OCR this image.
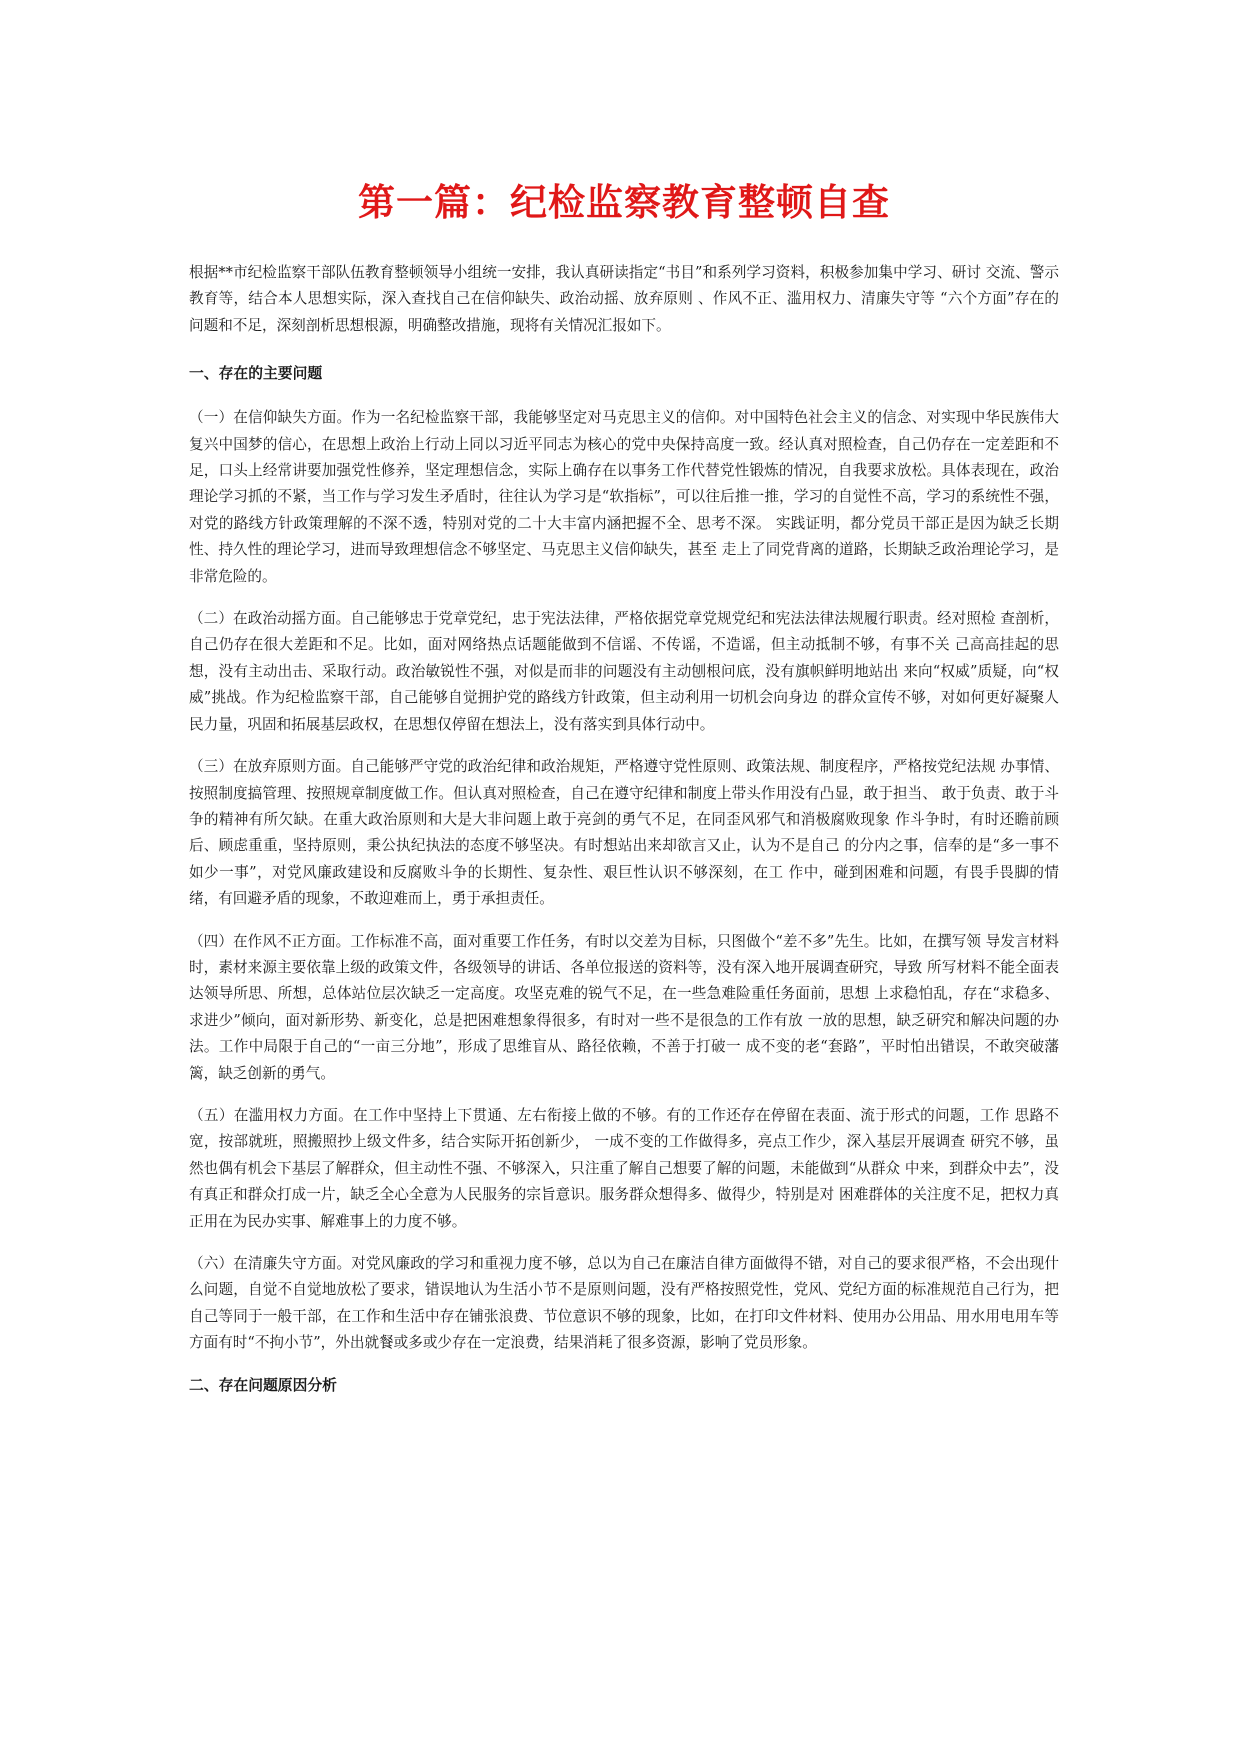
第一篇：纪检监察教育整顿自查

根据**市纪检监察干部队伍教育整顿领导小组统一安排，我认真研读指定“书目”和系列学习资料，积极参加集中学习、研讨 交流、警示教育等，结合本人思想实际，深入查找自己在信仰缺失、政治动摇、放弃原则 、作风不正、滥用权力、清廉失守等 “六个方面”存在的问题和不足，深刻剖析思想根源，明确整改措施，现将有关情况汇报如下。

一、存在的主要问题

（一）在信仰缺失方面。作为一名纪检监察干部，我能够坚定对马克思主义的信仰。对中国特色社会主义的信念、对实现中华民族伟大复兴中国梦的信心，在思想上政治上行动上同以习近平同志为核心的党中央保持高度一致。经认真对照检查，自己仍存在一定差距和不足，口头上经常讲要加强党性修养，坚定理想信念，实际上确存在以事务工作代替党性锻炼的情况，自我要求放松。具体表现在，政治理论学习抓的不紧，当工作与学习发生矛盾时，往往认为学习是“软指标”，可以往后推一推，学习的自觉性不高，学习的系统性不强，对党的路线方针政策理解的不深不透，特别对党的二十大丰富内涵把握不全、思考不深。 实践证明，都分党员干部正是因为缺乏长期性、持久性的理论学习，进而导致理想信念不够坚定、马克思主义信仰缺失，甚至 走上了同党背离的道路，长期缺乏政治理论学习，是非常危险的。

（二）在政治动摇方面。自己能够忠于党章党纪，忠于宪法法律，严格依据党章党规党纪和宪法法律法规履行职责。经对照检 查剖析，自己仍存在很大差距和不足。比如，面对网络热点话题能做到不信谣、不传谣，不造谣，但主动抵制不够，有事不关 己高高挂起的思想，没有主动出击、采取行动。政治敏锐性不强，对似是而非的问题没有主动刨根问底，没有旗帜鲜明地站出 来向“权威”质疑，向“权威”挑战。作为纪检监察干部，自己能够自觉拥护党的路线方针政策，但主动利用一切机会向身边 的群众宣传不够，对如何更好凝聚人民力量，巩固和拓展基层政权，在思想仅停留在想法上，没有落实到具体行动中。

（三）在放弃原则方面。自己能够严守党的政治纪律和政治规矩，严格遵守党性原则、政策法规、制度程序，严格按党纪法规 办事情、按照制度搞管理、按照规章制度做工作。但认真对照检查，自己在遵守纪律和制度上带头作用没有凸显，敢于担当、 敢于负责、敢于斗争的精神有所欠缺。在重大政治原则和大是大非问题上敢于亮剑的勇气不足，在同歪风邪气和消极腐败现象 作斗争时，有时还瞻前顾后、顾虑重重，坚持原则，秉公执纪执法的态度不够坚决。有时想站出来却欲言又止，认为不是自己 的分内之事，信奉的是“多一事不如少一事”，对党风廉政建设和反腐败斗争的长期性、复杂性、艰巨性认识不够深刻，在工 作中，碰到困难和问题，有畏手畏脚的情绪，有回避矛盾的现象，不敢迎难而上，勇于承担责任。

（四）在作风不正方面。工作标准不高，面对重要工作任务，有时以交差为目标，只图做个“差不多”先生。比如，在撰写领 导发言材料时，素材来源主要依靠上级的政策文件，各级领导的讲话、各单位报送的资料等，没有深入地开展调查研究，导致 所写材料不能全面表达领导所思、所想，总体站位层次缺乏一定高度。攻坚克难的锐气不足，在一些急难险重任务面前，思想 上求稳怕乱，存在“求稳多、求进少”倾向，面对新形势、新变化，总是把困难想象得很多，有时对一些不是很急的工作有放 一放的思想，缺乏研究和解决问题的办法。工作中局限于自己的“一亩三分地”，形成了思维盲从、路径依赖，不善于打破一 成不变的老“套路”，平时怕出错误，不敢突破藩篱，缺乏创新的勇气。

（五）在滥用权力方面。在工作中坚持上下贯通、左右衔接上做的不够。有的工作还存在停留在表面、流于形式的问题，工作 思路不宽，按部就班，照搬照抄上级文件多，结合实际开拓创新少， 一成不变的工作做得多，亮点工作少，深入基层开展调查 研究不够，虽然也偶有机会下基层了解群众，但主动性不强、不够深入，只注重了解自己想要了解的问题，未能做到“从群众 中来，到群众中去”，没有真正和群众打成一片，缺乏全心全意为人民服务的宗旨意识。服务群众想得多、做得少，特别是对 困难群体的关注度不足，把权力真正用在为民办实事、解难事上的力度不够。

（六）在清廉失守方面。对党风廉政的学习和重视力度不够，总以为自己在廉洁自律方面做得不错，对自己的要求很严格，不会出现什么问题，自觉不自觉地放松了要求，错误地认为生活小节不是原则问题，没有严格按照党性，党风、党纪方面的标准规范自己行为，把自己等同于一般干部，在工作和生活中存在铺张浪费、节位意识不够的现象，比如，在打印文件材料、使用办公用品、用水用电用车等方面有时“不拘小节”，外出就餐或多或少存在一定浪费，结果消耗了很多资源，影响了党员形象。

二、存在问题原因分析
